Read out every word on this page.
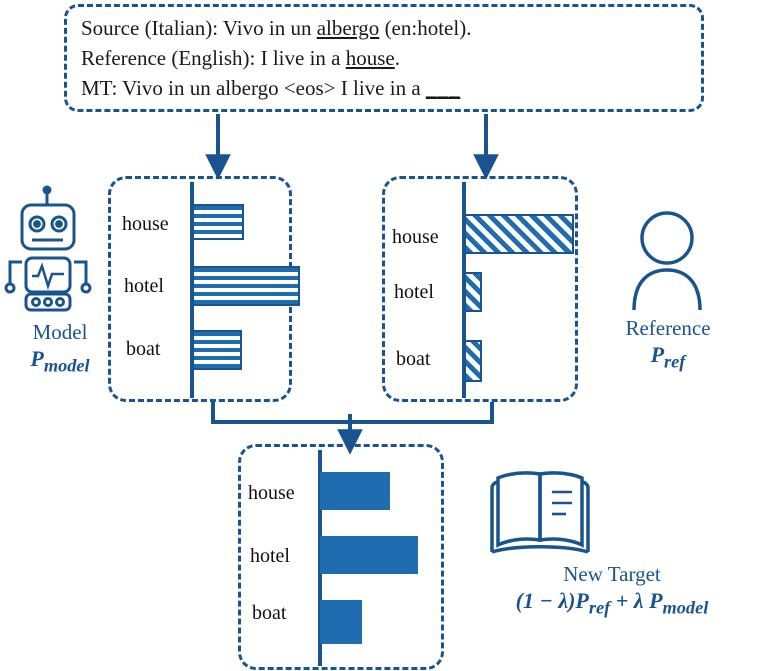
Source (Italian): Vivo in un albergo (en:hotel).
Reference (English): I live in a house.
MT: Vivo in un albergo <eos> I live in a ___
house
hotel
boat
house
hotel
boat
house
hotel
boat
Model
$P_{model}$
Reference
$P_{ref}$
New Target
$(1 - \lambda)P_{ref} + \lambda$ $P_{model}$
